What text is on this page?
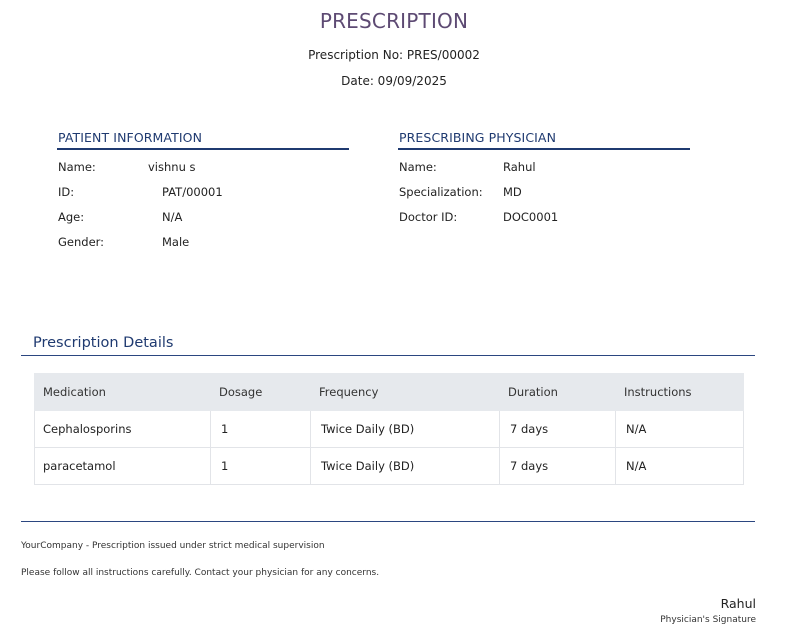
PRESCRIPTION
Prescription No: PRES/00002
Date: 09/09/2025
PATIENT INFORMATION
Name:	vishnu s
ID:	PAT/00001
Age:	N/A
Gender:	Male
PRESCRIBING PHYSICIAN
Name:	Rahul
Specialization: MD
Doctor ID:	DOC0001
Prescription Details
Medication	Dosage	Frequency	Duration	Instructions
Cephalosporins	1	Twice Daily (BD)	7 days	N/A
paracetamol	1	Twice Daily (BD)	7 days	N/A
YourCompany - Prescription issued under strict medical supervision
Please follow all instructions carefully. Contact your physician for any concerns.
Rahul
Physician's Signature
